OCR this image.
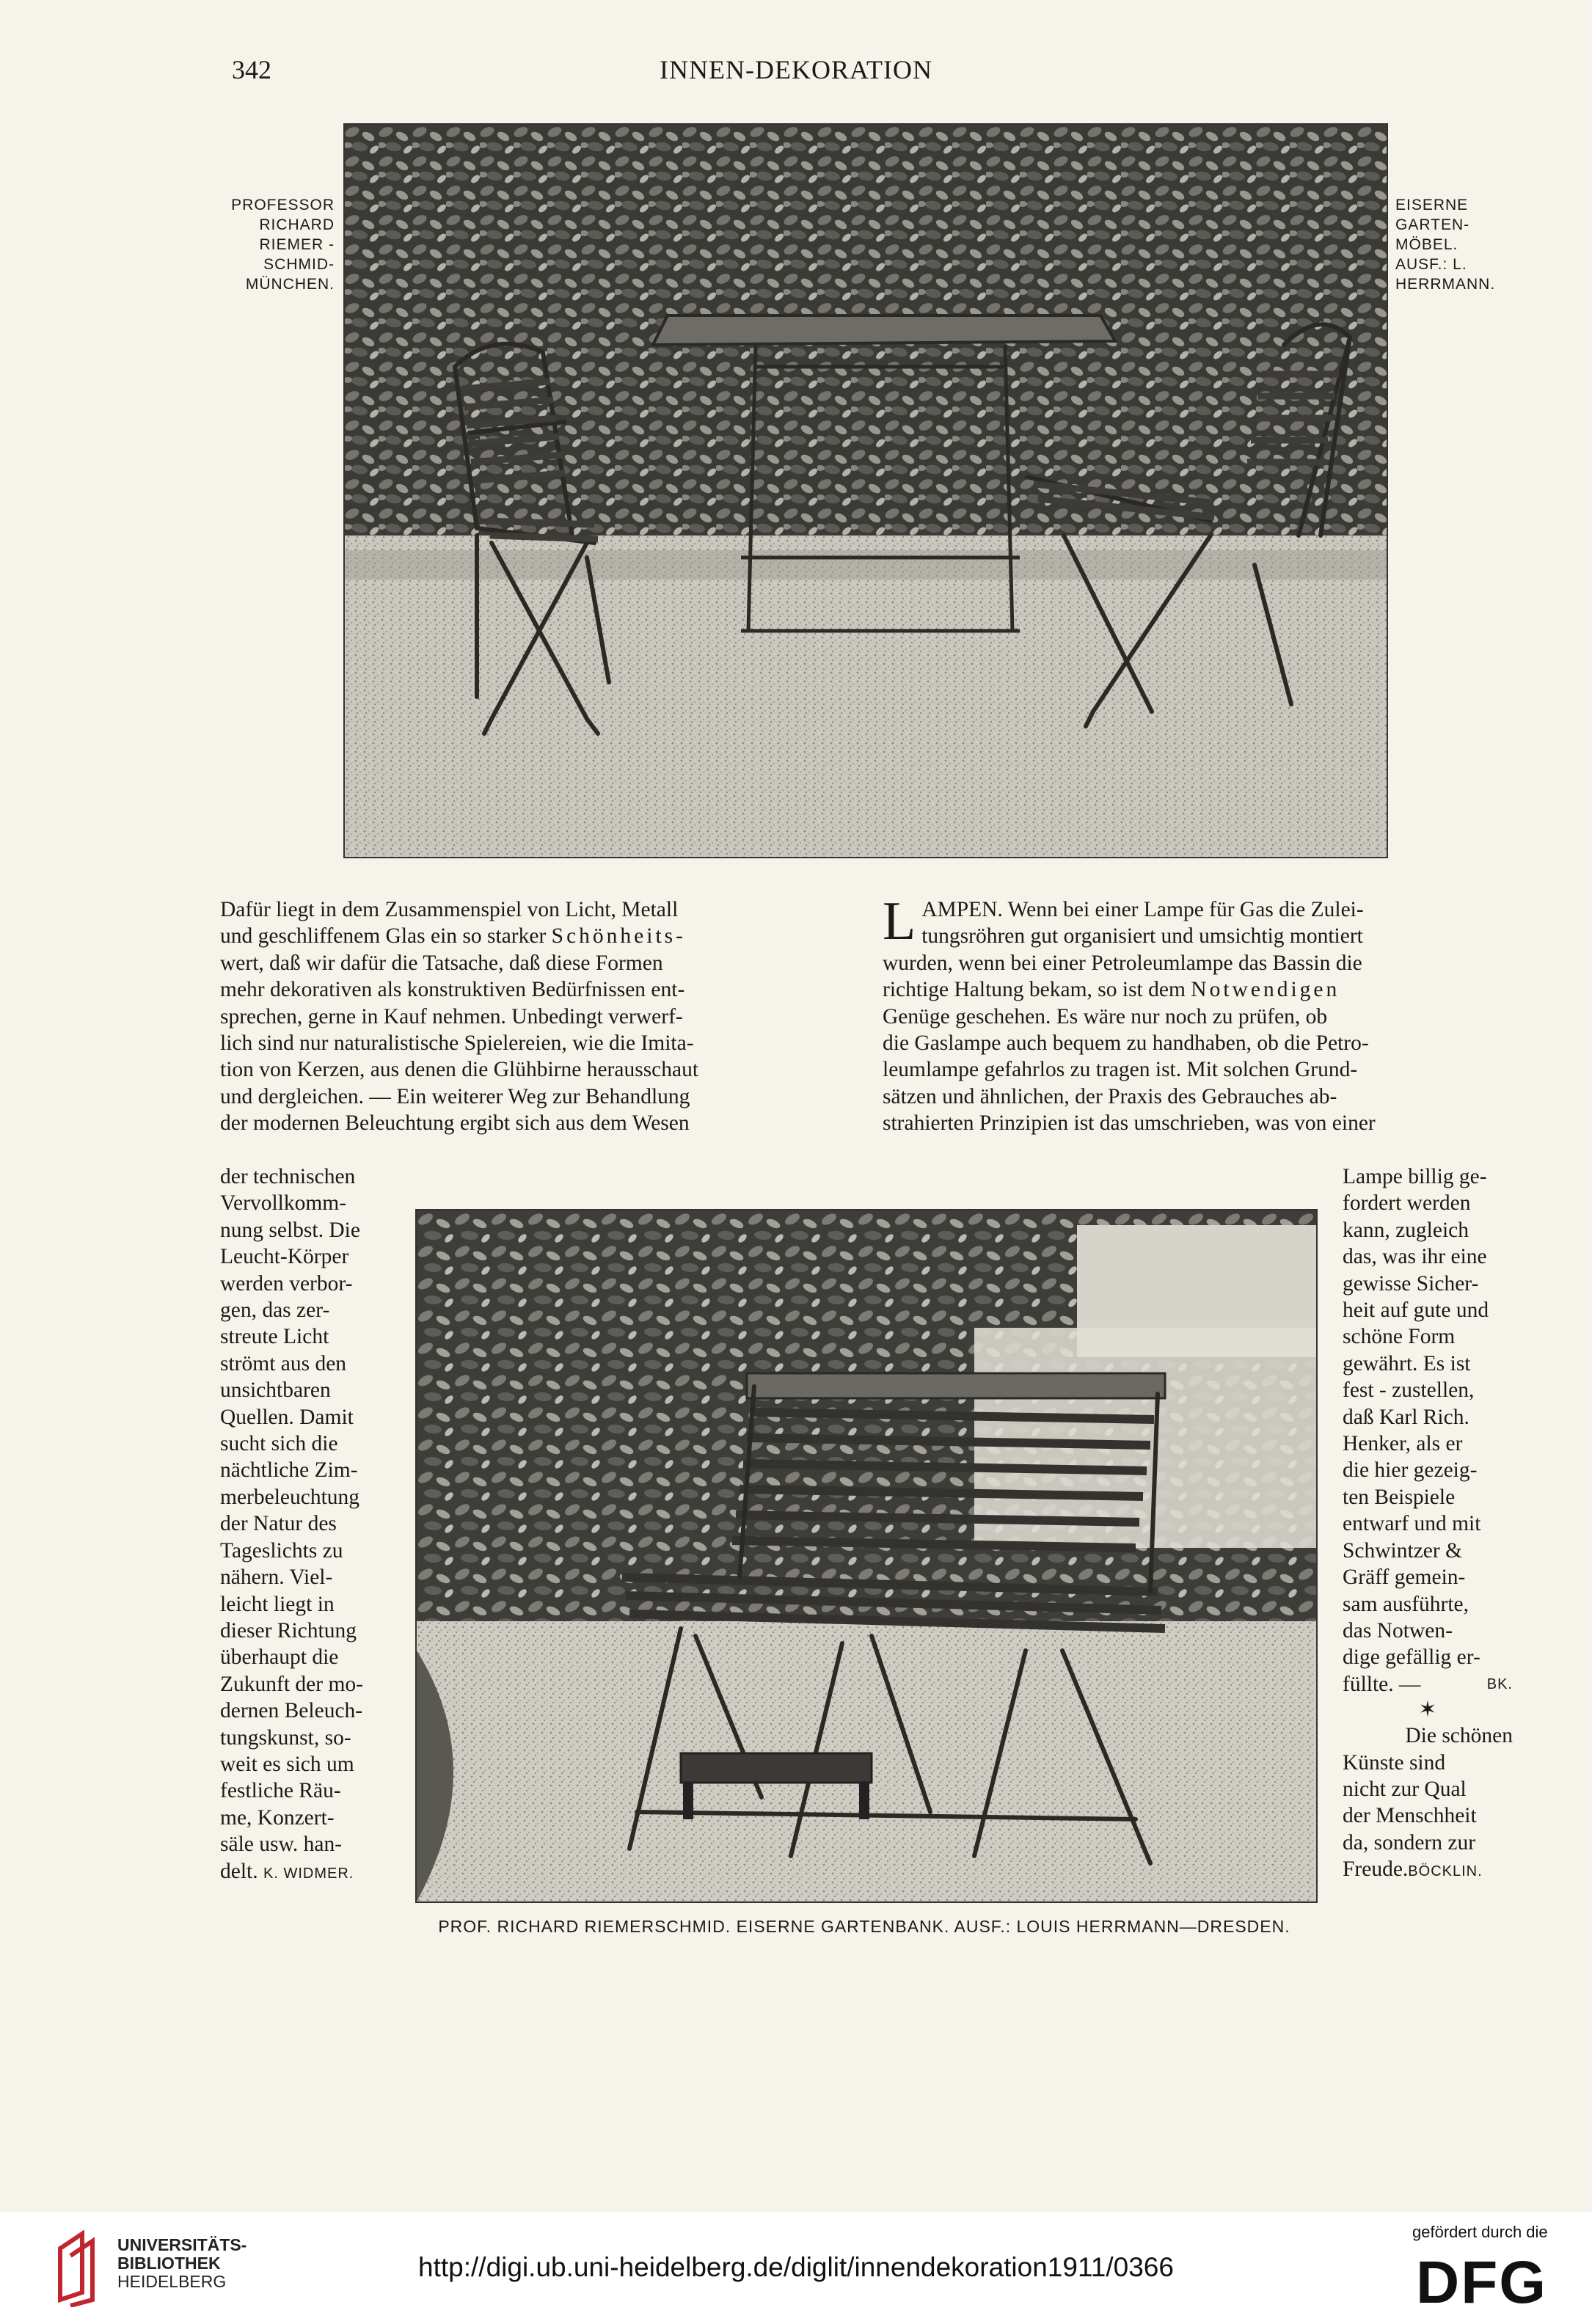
342	INNEN-DEKORATION
PROFESSOR
RICHARD
RIEMER -
SCHMID-
MÜNCHEN.
EISERNE
GARTEN-
MÖBEL.
AUSF.: L.
HERRMANN.

Dafür liegt in dem Zusammenspiel von Licht, Metall

und geschliffenem Glas ein so starker Schönheits-

wert, daß wir dafür die Tatsache, daß diese Formen

mehr dekorativen als konstruktiven Bedürfnissen ent-

sprechen, gerne in Kauf nehmen. Unbedingt verwerf-

lich sind nur naturalistische Spielereien, wie die Imita-

tion von Kerzen, aus denen die Glühbirne herausschaut

und dergleichen. — Ein weiterer Weg zur Behandlung

der modernen Beleuchtung ergibt sich aus dem Wesen

der technischen

Vervollkomm-

nung selbst. Die

Leucht-Körper

werden verbor-

gen, das zer-

streute Licht

strömt aus den

unsichtbaren

Quellen. Damit

sucht sich die

nächtliche Zim-

merbeleuchtung

der Natur des

Tageslichts zu

nähern. Viel-

leicht liegt in

dieser Richtung

überhaupt die

Zukunft der mo-

dernen Beleuch-

tungskunst, so-

weit es sich um

festliche Räu-

me, Konzert-

säle usw. han-

delt. K. WIDMER.

L AMPEN. Wenn bei einer Lampe für Gas die Zulei-

tungsröhren gut organisiert und umsichtig montiert

wurden, wenn bei einer Petroleumlampe das Bassin die

richtige Haltung bekam, so ist dem Notwendigen

Genüge geschehen. Es wäre nur noch zu prüfen, ob

die Gaslampe auch bequem zu handhaben, ob die Petro-

leumlampe gefahrlos zu tragen ist. Mit solchen Grund-

sätzen und ähnlichen, der Praxis des Gebrauches ab-

strahierten Prinzipien ist das umschrieben, was von einer

Lampe billig ge-

fordert werden

kann, zugleich

das, was ihr eine

gewisse Sicher-

heit auf gute und

schöne Form

gewährt. Es ist

fest - zustellen,

daß Karl Rich.

Henker, als er

die hier gezeig-

ten Beispiele

entwarf und mit

Schwintzer &

Gräff gemein-

sam ausführte,

das Notwen-

dige gefällig er-

füllte. —	BK.

✶

Die schönen

Künste sind

nicht zur Qual

der Menschheit

da, sondern zur

Freude.BÖCKLIN.

PROF. RICHARD RIEMERSCHMID. EISERNE GARTENBANK. AUSF.: LOUIS HERRMANN—DRESDEN.
UNIVERSITÄTS-
BIBLIOTHEK
HEIDELBERG	http://digi.ub.uni-heidelberg.de/diglit/innendekoration1911/0366
gefördert durch die
DFG
